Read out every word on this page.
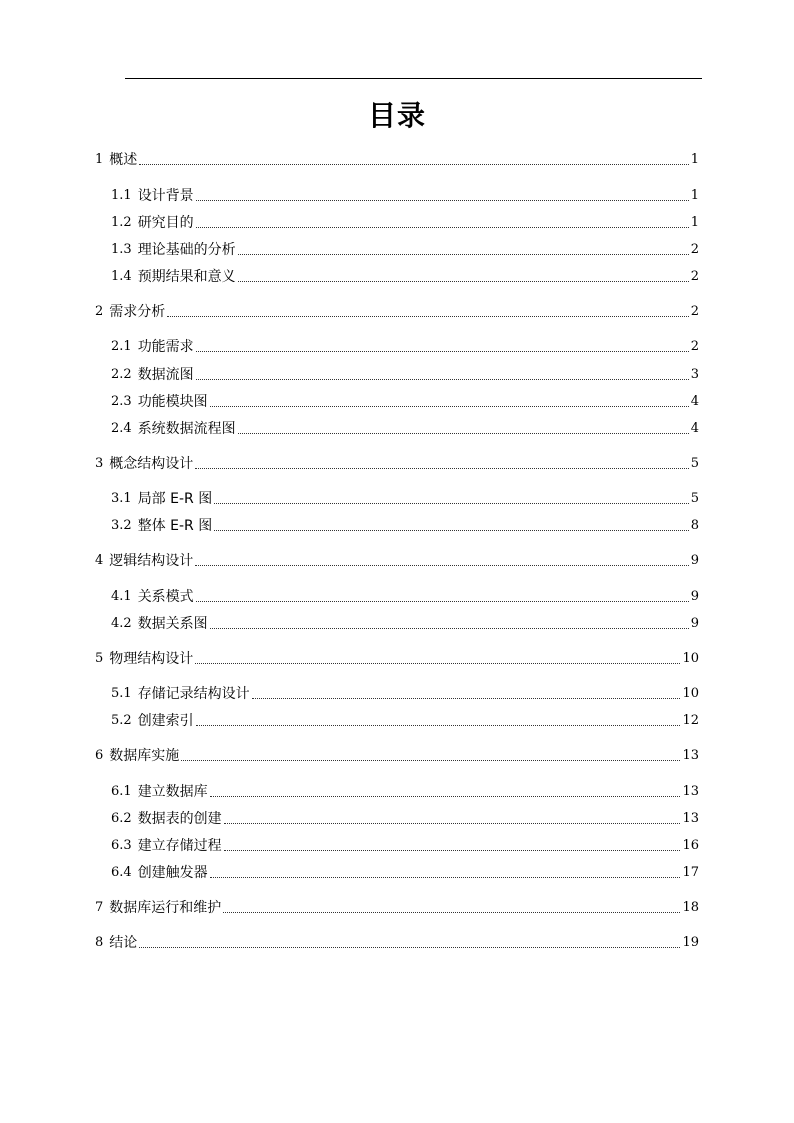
目录
1 概述	1
1.1 设计背景	1
1.2 研究目的	1
1.3 理论基础的分析	2
1.4 预期结果和意义	2
2 需求分析	2
2.1 功能需求	2
2.2 数据流图	3
2.3 功能模块图	4
2.4 系统数据流程图	4
3 概念结构设计	5
3.1 局部 E-R 图	5
3.2 整体 E-R 图	8
4 逻辑结构设计	9
4.1 关系模式	9
4.2 数据关系图	9
5 物理结构设计	10
5.1 存储记录结构设计	10
5.2 创建索引	12
6 数据库实施	13
6.1 建立数据库	13
6.2 数据表的创建	13
6.3 建立存储过程	16
6.4 创建触发器	17
7 数据库运行和维护	18
8 结论	19
